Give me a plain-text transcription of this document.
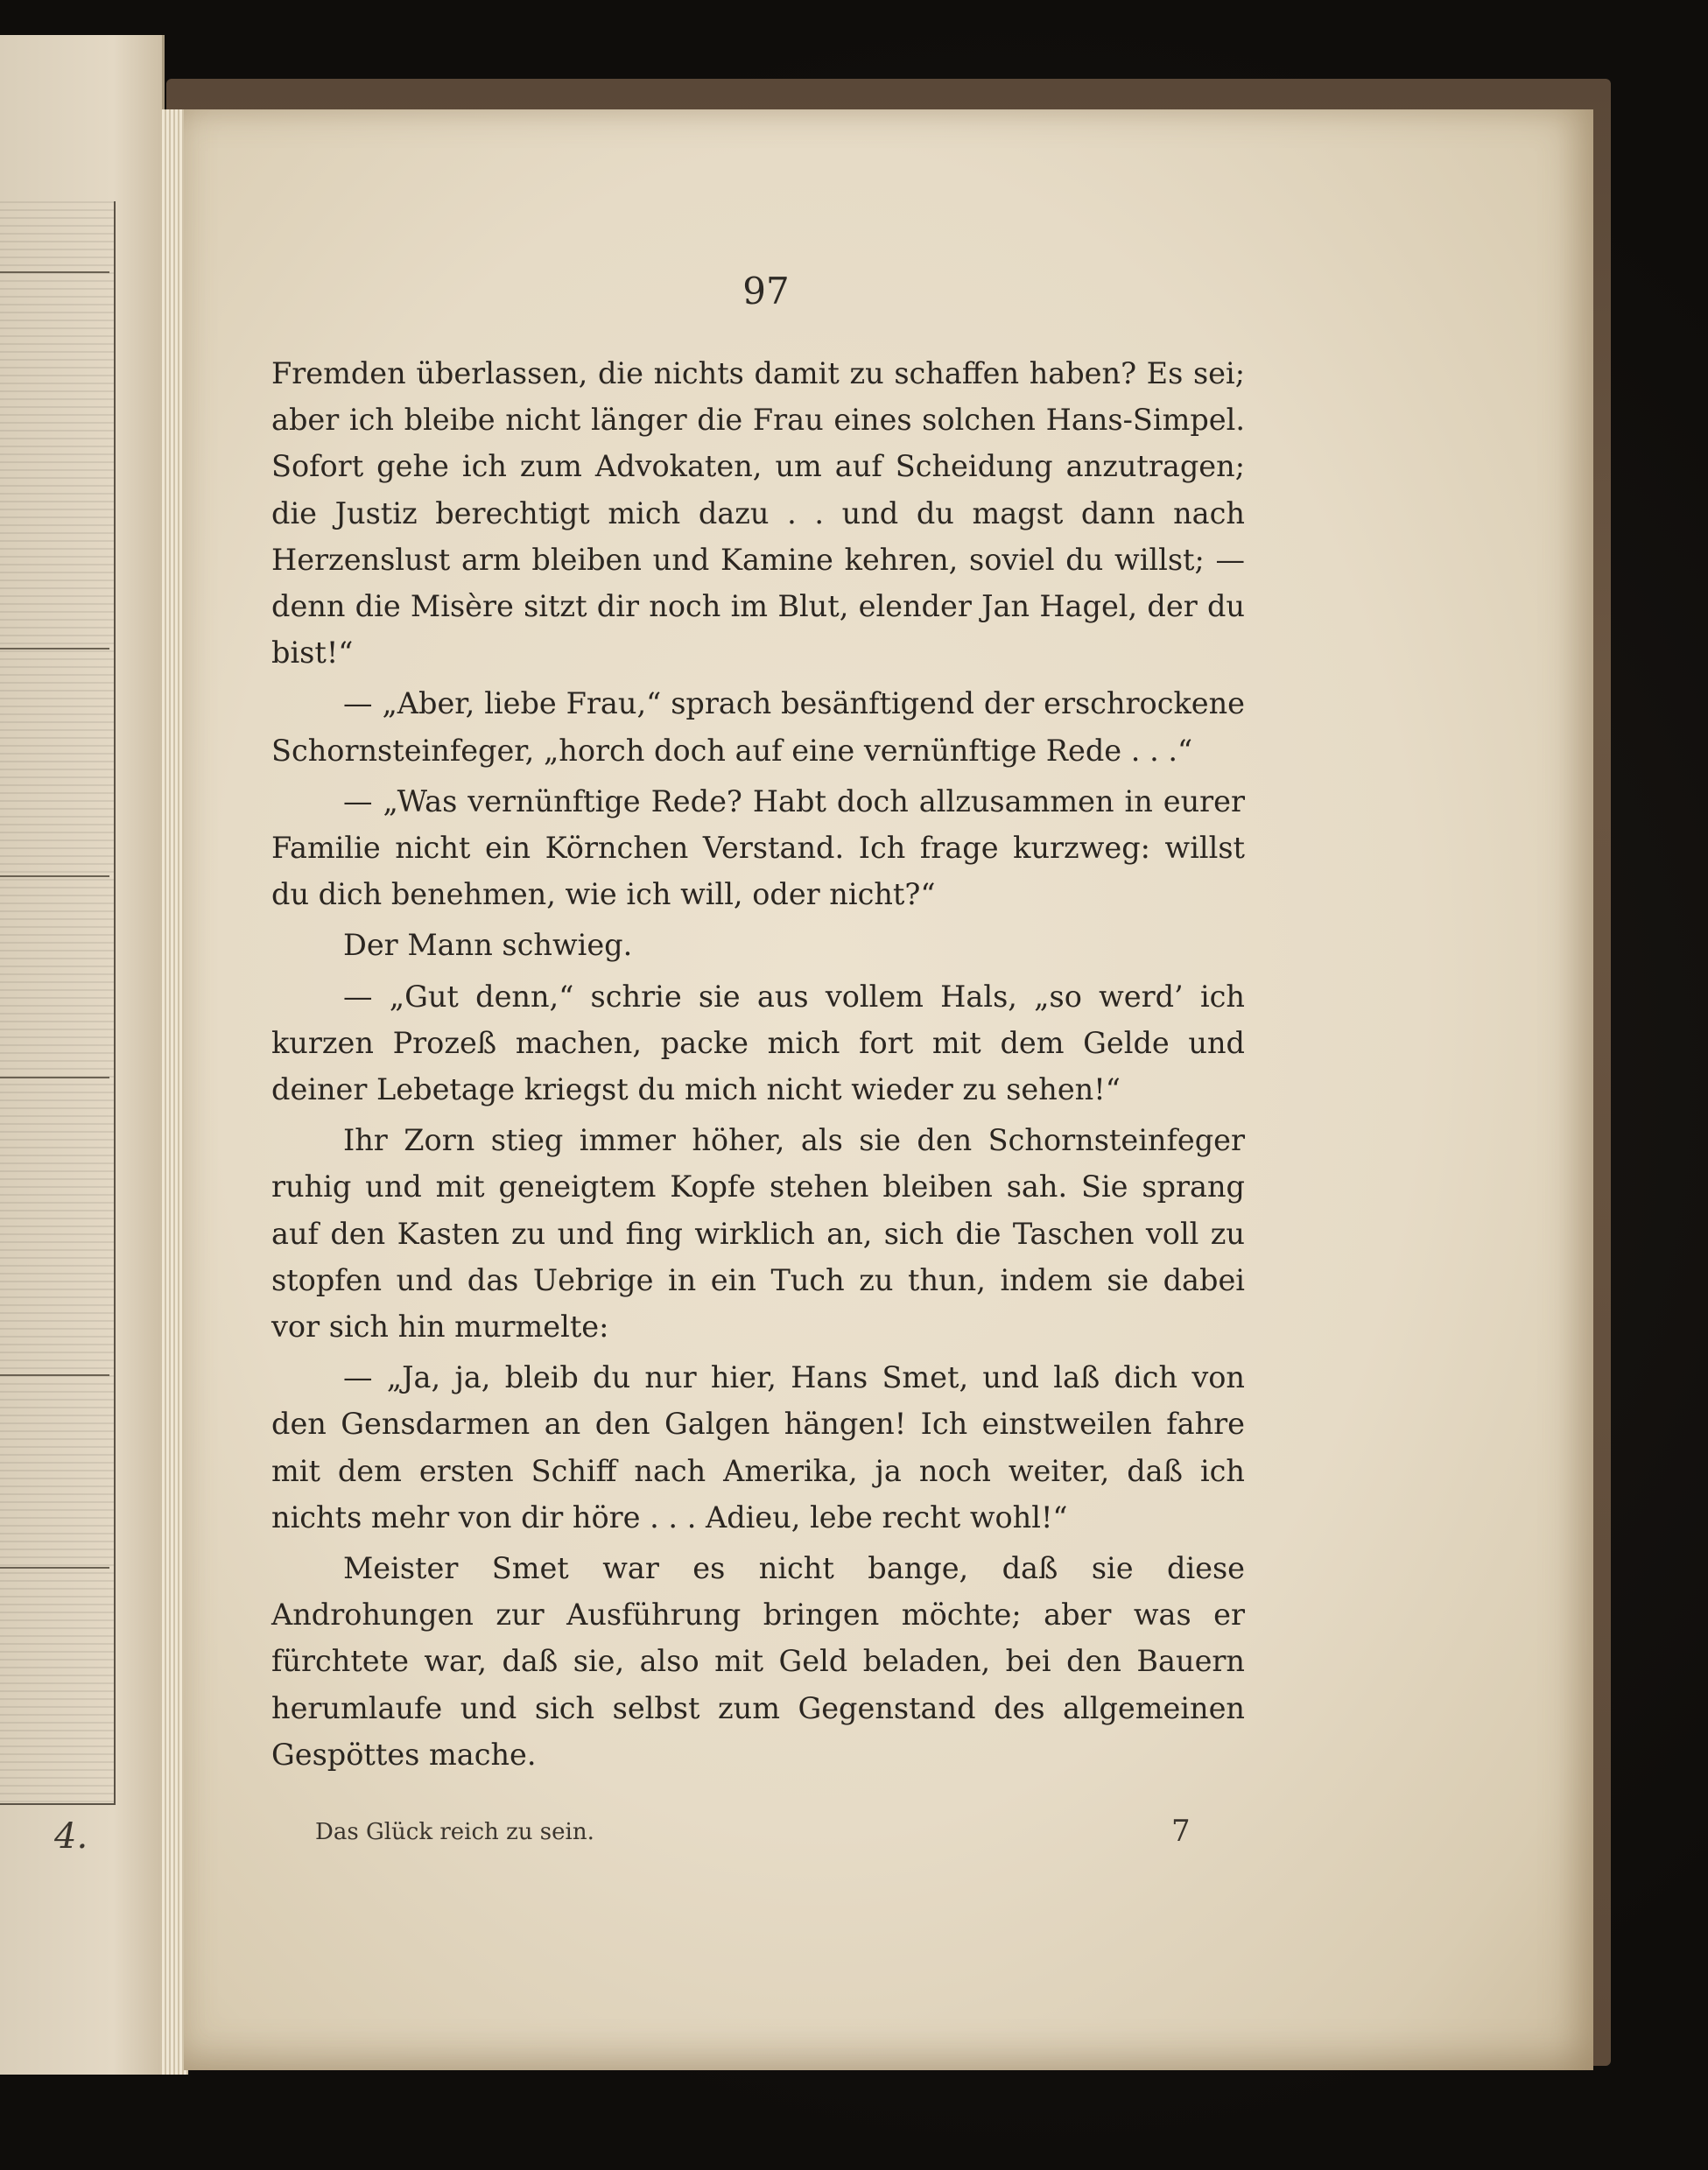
4.
97

Fremden überlassen, die nichts damit zu schaffen haben? Es sei; aber ich bleibe nicht länger die Frau eines solchen Hans-Simpel. Sofort gehe ich zum Advokaten, um auf Scheidung anzutragen; die Justiz berechtigt mich dazu . . und du magst dann nach Herzenslust arm bleiben und Kamine kehren, soviel du willst; — denn die Misère sitzt dir noch im Blut, elender Jan Hagel, der du bist!“

— „Aber, liebe Frau,“ sprach besänftigend der erschrockene Schornsteinfeger, „horch doch auf eine vernünftige Rede . . .“

— „Was vernünftige Rede? Habt doch allzusammen in eurer Familie nicht ein Körnchen Verstand. Ich frage kurzweg: willst du dich benehmen, wie ich will, oder nicht?“

Der Mann schwieg.

— „Gut denn,“ schrie sie aus vollem Hals, „so werd’ ich kurzen Prozeß machen, packe mich fort mit dem Gelde und deiner Lebetage kriegst du mich nicht wieder zu sehen!“

Ihr Zorn stieg immer höher, als sie den Schornsteinfeger ruhig und mit geneigtem Kopfe stehen bleiben sah. Sie sprang auf den Kasten zu und fing wirklich an, sich die Taschen voll zu stopfen und das Uebrige in ein Tuch zu thun, indem sie dabei vor sich hin murmelte:

— „Ja, ja, bleib du nur hier, Hans Smet, und laß dich von den Gensdarmen an den Galgen hängen! Ich einstweilen fahre mit dem ersten Schiff nach Amerika, ja noch weiter, daß ich nichts mehr von dir höre . . . Adieu, lebe recht wohl!“

Meister Smet war es nicht bange, daß sie diese Androhungen zur Ausführung bringen möchte; aber was er fürchtete war, daß sie, also mit Geld beladen, bei den Bauern herumlaufe und sich selbst zum Gegenstand des allgemeinen Gespöttes mache.

Das Glück reich zu sein.	7
